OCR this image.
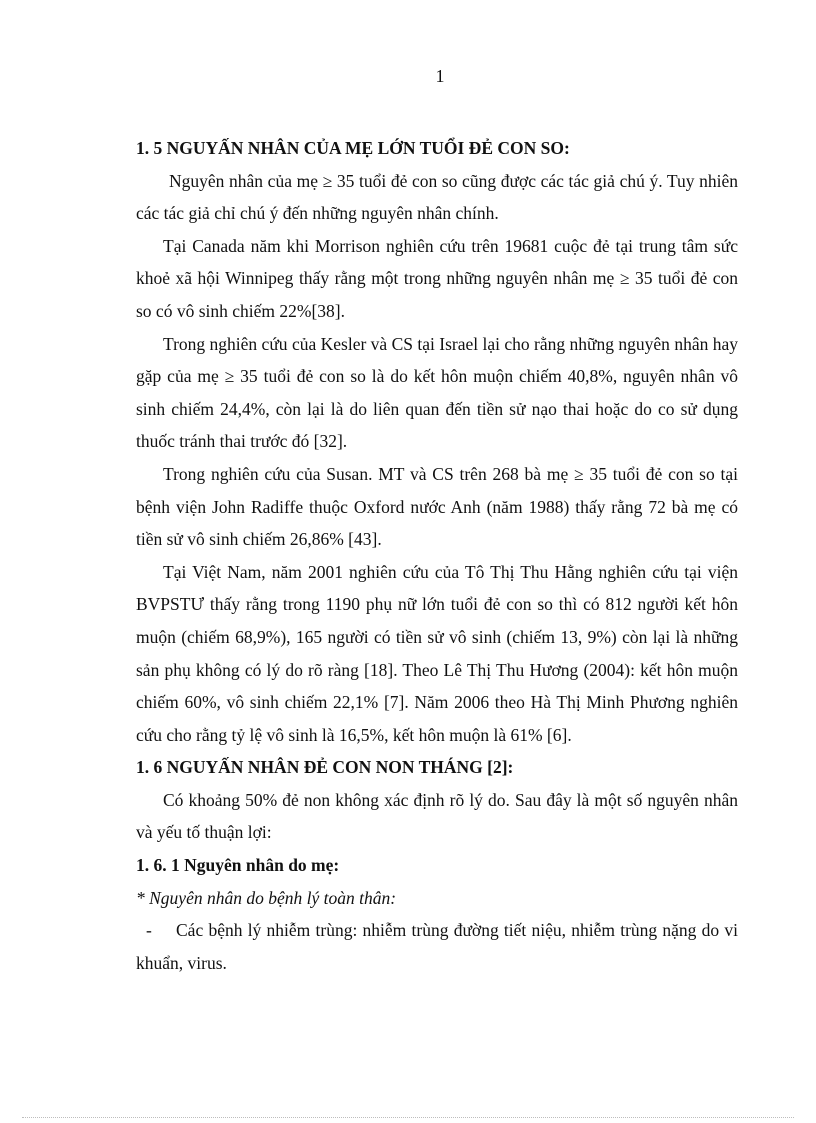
1

1. 5 NGUYẤN NHÂN CỦA MẸ LỚN TUỔI ĐẺ CON SO:

Nguyên nhân của mẹ ≥ 35 tuổi đẻ con so cũng được các tác giả chú ý. Tuy nhiên các tác giả chỉ chú ý đến những nguyên nhân chính.

Tại Canada năm khi Morrison nghiên cứu trên 19681 cuộc đẻ tại trung tâm sức khoẻ xã hội Winnipeg thấy rằng một trong những nguyên nhân mẹ ≥ 35 tuổi đẻ con so có vô sinh chiếm 22%[38].

Trong nghiên cứu của Kesler và CS tại Israel lại cho rằng những nguyên nhân hay gặp của mẹ ≥ 35 tuổi đẻ con so là do kết hôn muộn chiếm 40,8%, nguyên nhân vô sinh chiếm 24,4%, còn lại là do liên quan đến tiền sử nạo thai hoặc do co sử dụng thuốc tránh thai trước đó [32].

Trong nghiên cứu của Susan. MT và CS trên 268 bà mẹ ≥ 35 tuổi đẻ con so tại bệnh viện John Radiffe thuộc Oxford nước Anh (năm 1988) thấy rằng 72 bà mẹ có tiền sử vô sinh chiếm 26,86% [43].

Tại Việt Nam, năm 2001 nghiên cứu của Tô Thị Thu Hằng nghiên cứu tại viện BVPSTƯ thấy rằng trong 1190 phụ nữ lớn tuổi đẻ con so thì có 812 người kết hôn muộn (chiếm 68,9%), 165 người có tiền sử vô sinh (chiếm 13, 9%) còn lại là những sản phụ không có lý do rõ ràng [18]. Theo Lê Thị Thu Hương (2004): kết hôn muộn chiếm 60%, vô sinh chiếm 22,1% [7]. Năm 2006 theo Hà Thị Minh Phương nghiên cứu cho rằng tỷ lệ vô sinh là 16,5%, kết hôn muộn là 61% [6].

1. 6 NGUYẤN NHÂN ĐẺ CON NON THÁNG [2]:

Có khoảng 50% đẻ non không xác định rõ lý do. Sau đây là một số nguyên nhân và yếu tố thuận lợi:

1. 6. 1 Nguyên nhân do mẹ:

* Nguyên nhân do bệnh lý toàn thân:

- Các bệnh lý nhiễm trùng: nhiễm trùng đường tiết niệu, nhiễm trùng nặng do vi khuẩn, virus.
